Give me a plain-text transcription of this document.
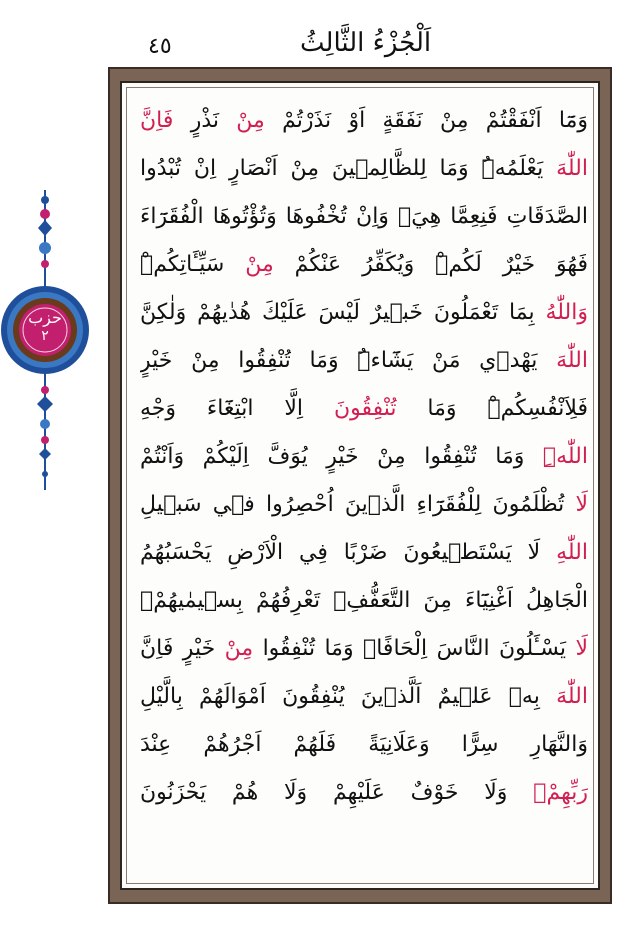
٤٥	اَلْجُزْءُ الثَّالِثُ
حزب
٢
وَمَٓا اَنْفَقْتُمْ مِنْ نَفَقَةٍ اَوْ نَذَرْتُمْ مِنْ نَذْرٍ فَاِنَّ
اللّٰهَ يَعْلَمُهُۜ وَمَا لِلظَّالِمٖينَ مِنْ اَنْصَارٍ اِنْ تُبْدُوا
الصَّدَقَاتِ فَنِعِمَّا هِيَۚ وَاِنْ تُخْفُوهَا وَتُؤْتُوهَا الْفُقَرَٓاءَ
فَهُوَ خَيْرٌ لَكُمْۜ وَيُكَفِّرُ عَنْكُمْ مِنْ سَيِّـَٔاتِكُمْۜ
وَاللّٰهُ بِمَا تَعْمَلُونَ خَبٖيرٌ لَيْسَ عَلَيْكَ هُدٰيهُمْ وَلٰكِنَّ
اللّٰهَ يَهْدٖي مَنْ يَشَٓاءُۜ وَمَا تُنْفِقُوا مِنْ خَيْرٍ
فَلِاَنْفُسِكُمْۜ وَمَا تُنْفِقُونَ اِلَّا ابْتِغَٓاءَ وَجْهِ
اللّٰهِۜ وَمَا تُنْفِقُوا مِنْ خَيْرٍ يُوَفَّ اِلَيْكُمْ وَاَنْتُمْ
لَا تُظْلَمُونَ لِلْفُقَرَٓاءِ الَّذٖينَ اُحْصِرُوا فٖي سَبٖيلِ
اللّٰهِ لَا يَسْتَطٖيعُونَ ضَرْبًا فِي الْاَرْضِ يَحْسَبُهُمُ
الْجَاهِلُ اَغْنِيَٓاءَ مِنَ التَّعَفُّفِۚ تَعْرِفُهُمْ بِسٖيمٰيهُمْۚ
لَا يَسْـَٔلُونَ النَّاسَ اِلْحَافًاۜ وَمَا تُنْفِقُوا مِنْ خَيْرٍ فَاِنَّ
اللّٰهَ بِهٖ عَلٖيمٌ اَلَّذٖينَ يُنْفِقُونَ اَمْوَالَهُمْ بِالَّيْلِ
وَالنَّهَارِ سِرًّا وَعَلَانِيَةً فَلَهُمْ اَجْرُهُمْ عِنْدَ
رَبِّهِمْۚ وَلَا خَوْفٌ عَلَيْهِمْ وَلَا هُمْ يَحْزَنُونَ
